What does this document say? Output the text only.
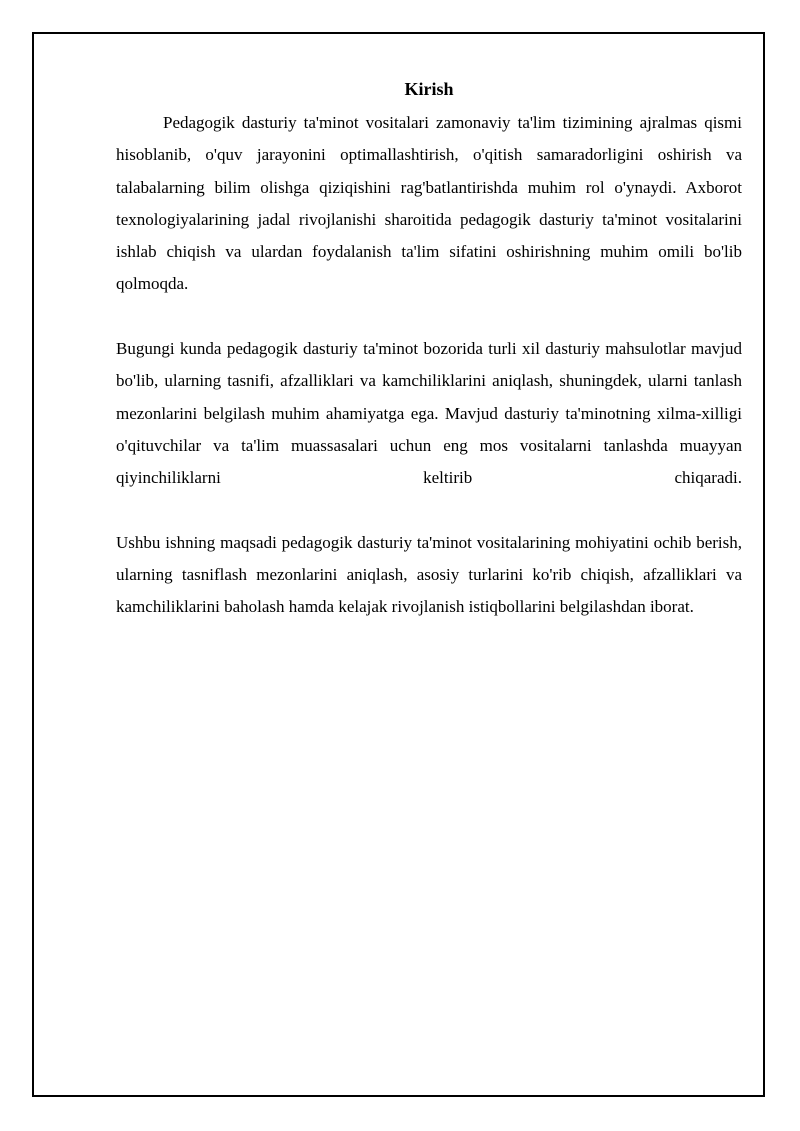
Kirish

Pedagogik dasturiy ta'minot vositalari zamonaviy ta'lim tizimining ajralmas qismi hisoblanib, o'quv jarayonini optimallashtirish, o'qitish samaradorligini oshirish va talabalarning bilim olishga qiziqishini rag'batlantirishda muhim rol o'ynaydi. Axborot texnologiyalarining jadal rivojlanishi sharoitida pedagogik dasturiy ta'minot vositalarini ishlab chiqish va ulardan foydalanish ta'lim sifatini oshirishning muhim omili bo'lib qolmoqda.

Bugungi kunda pedagogik dasturiy ta'minot bozorida turli xil dasturiy mahsulotlar mavjud bo'lib, ularning tasnifi, afzalliklari va kamchiliklarini aniqlash, shuningdek, ularni tanlash mezonlarini belgilash muhim ahamiyatga ega. Mavjud dasturiy ta'minotning xilma-xilligi o'qituvchilar va ta'lim muassasalari uchun eng mos vositalarni tanlashda muayyan qiyinchiliklarni keltirib chiqaradi.

Ushbu ishning maqsadi pedagogik dasturiy ta'minot vositalarining mohiyatini ochib berish, ularning tasniflash mezonlarini aniqlash, asosiy turlarini ko'rib chiqish, afzalliklari va kamchiliklarini baholash hamda kelajak rivojlanish istiqbollarini belgilashdan iborat.
